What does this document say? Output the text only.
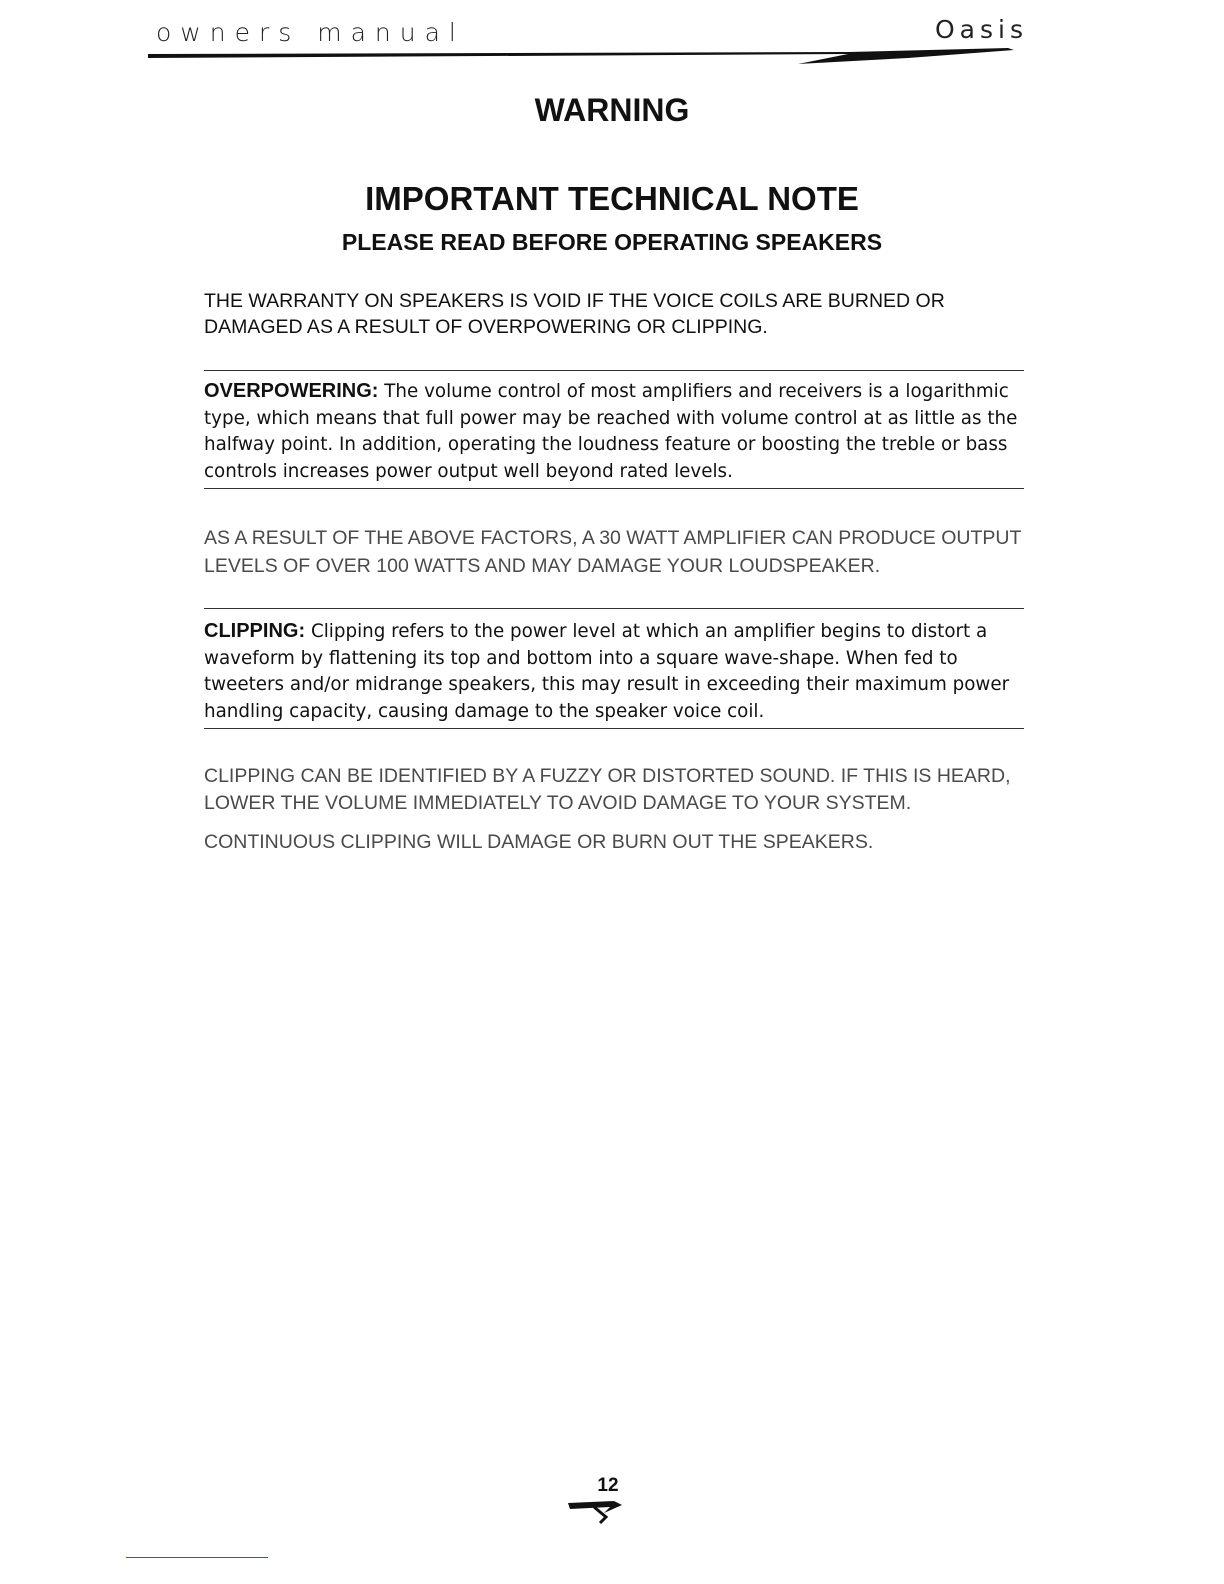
owners manual	Oasis
WARNING
IMPORTANT TECHNICAL NOTE
PLEASE READ BEFORE OPERATING SPEAKERS
THE WARRANTY ON SPEAKERS IS VOID IF THE VOICE COILS ARE BURNED OR DAMAGED AS A RESULT OF OVERPOWERING OR CLIPPING.
OVERPOWERING: The volume control of most amplifiers and receivers is a logarithmic type, which means that full power may be reached with volume control at as little as the halfway point. In addition, operating the loudness feature or boosting the treble or bass controls increases power output well beyond rated levels.
AS A RESULT OF THE ABOVE FACTORS, A 30 WATT AMPLIFIER CAN PRODUCE OUTPUT LEVELS OF OVER 100 WATTS AND MAY DAMAGE YOUR LOUDSPEAKER.
CLIPPING: Clipping refers to the power level at which an amplifier begins to distort a waveform by flattening its top and bottom into a square wave-shape. When fed to tweeters and/or midrange speakers, this may result in exceeding their maximum power handling capacity, causing damage to the speaker voice coil.
CLIPPING CAN BE IDENTIFIED BY A FUZZY OR DISTORTED SOUND. IF THIS IS HEARD, LOWER THE VOLUME IMMEDIATELY TO AVOID DAMAGE TO YOUR SYSTEM.
CONTINUOUS CLIPPING WILL DAMAGE OR BURN OUT THE SPEAKERS.
12
